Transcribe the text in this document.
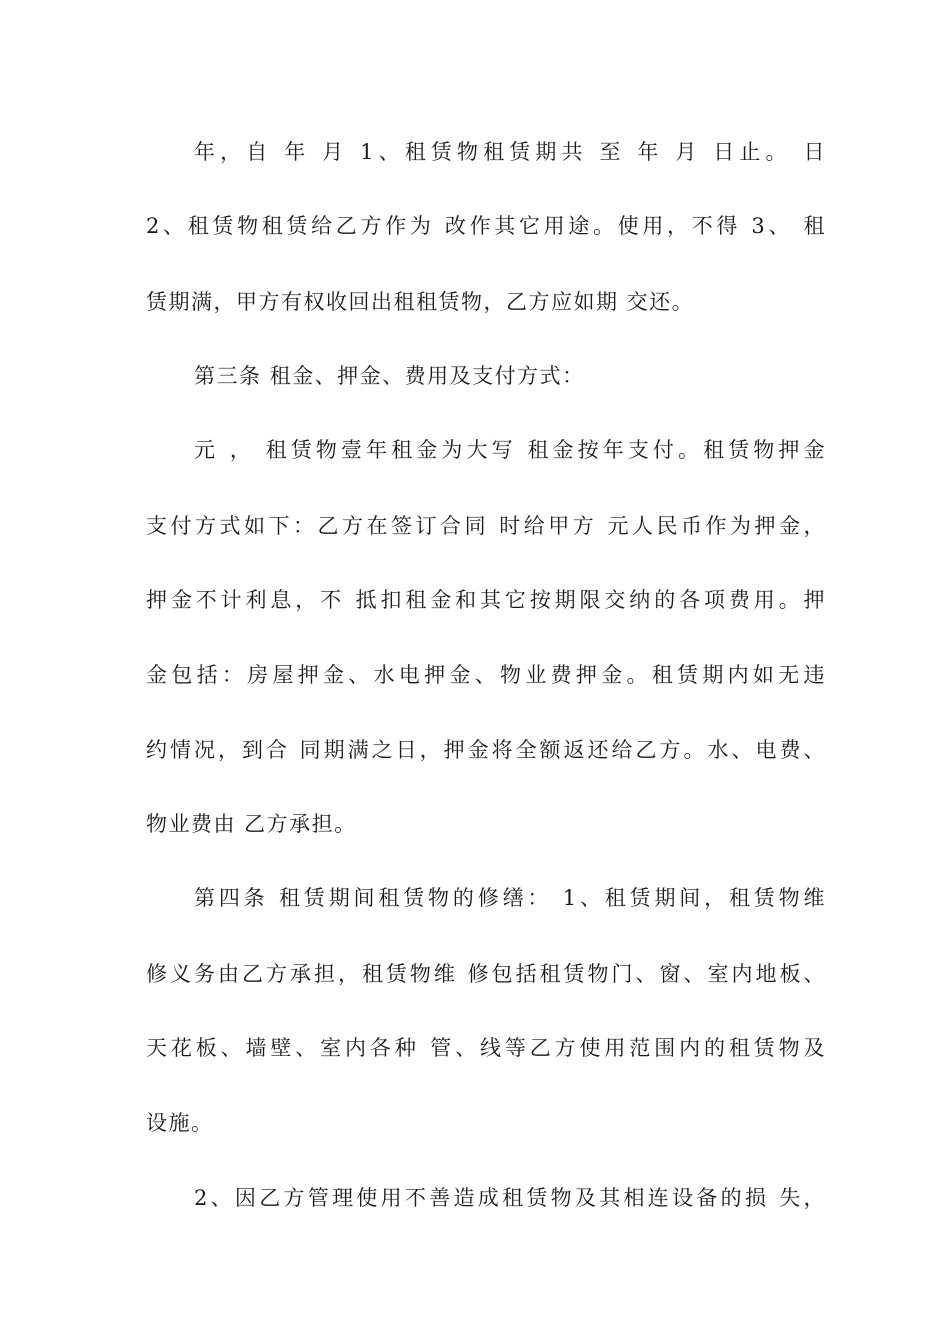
年，自 年 月 1、租赁物租赁期共 至 年 月 日止。 日
2、租赁物租赁给乙方作为 改作其它用途。使用，不得 3、 租
赁期满，甲方有权收回出租租赁物，乙方应如期 交还。
第三条 租金、押金、费用及支付方式：
元 ， 租赁物壹年租金为大写 租金按年支付。租赁物押金
支付方式如下：乙方在签订合同 时给甲方 元人民币作为押金，
押金不计利息，不 抵扣租金和其它按期限交纳的各项费用。押
金包括：房屋押金、水电押金、物业费押金。租赁期内如无违
约情况，到合 同期满之日，押金将全额返还给乙方。水、电费、
物业费由 乙方承担。
第四条 租赁期间租赁物的修缮： 1、租赁期间，租赁物维
修义务由乙方承担，租赁物维 修包括租赁物门、窗、室内地板、
天花板、墙壁、室内各种 管、线等乙方使用范围内的租赁物及
设施。
2、因乙方管理使用不善造成租赁物及其相连设备的损 失，
